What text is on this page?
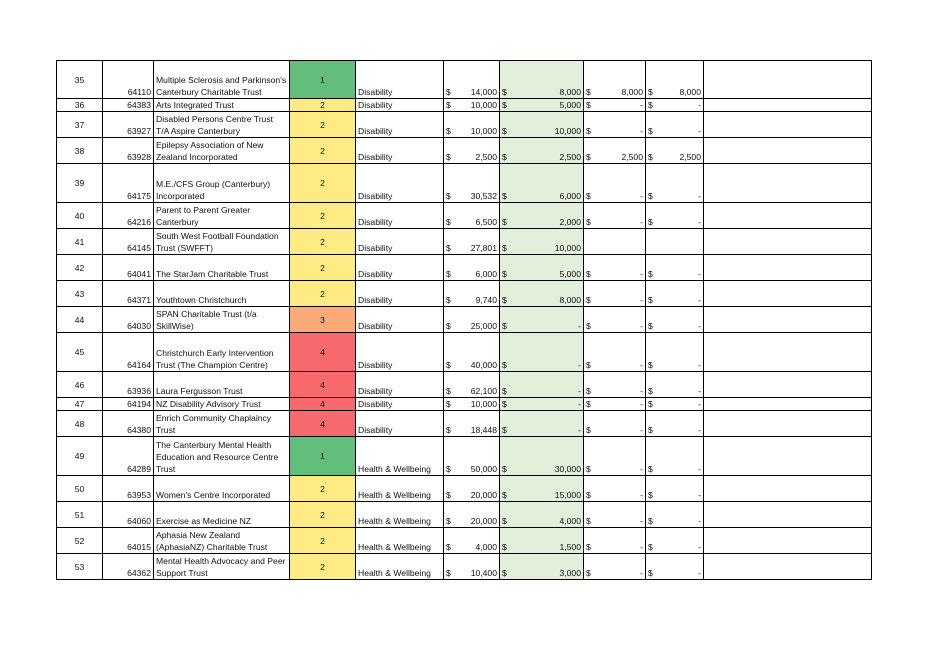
35	64110	Multiple Sclerosis and Parkinson's Canterbury Charitable Trust	1	Disability	$ 14,000	$ 8,000	$ 8,000	$ 8,000	

36	64383	Arts Integrated Trust	2	Disability	$ 10,000	$ 5,000	$ -	$ -	

37	63927	Disabled Persons Centre Trust T/A Aspire Canterbury	2	Disability	$ 10,000	$ 10,000	$ -	$ -	

38	63928	Epilepsy Association of New Zealand Incorporated	2	Disability	$ 2,500	$ 2,500	$ 2,500	$ 2,500	

39	64175	M.E./CFS Group (Canterbury) Incorporated	2	Disability	$ 30,532	$ 6,000	$ -	$ -	

40	64216	Parent to Parent Greater Canterbury	2	Disability	$ 6,500	$ 2,000	$ -	$ -	

41	64145	South West Football Foundation Trust (SWFFT)	2	Disability	$ 27,801	$ 10,000			

42	64041	The StarJam Charitable Trust	2	Disability	$ 6,000	$ 5,000	$ -	$ -	

43	64371	Youthtown Christchurch	2	Disability	$ 9,740	$ 8,000	$ -	$ -	

44	64030	SPAN Charitable Trust (t/a SkillWise)	3	Disability	$ 25,000	$ -	$ -	$ -	

45	64164	Christchurch Early Intervention Trust (The Champion Centre)	4	Disability	$ 40,000	$ -	$ -	$ -	

46	63936	Laura Fergusson Trust	4	Disability	$ 62,100	$ -	$ -	$ -	

47	64194	NZ Disability Advisory Trust	4	Disability	$ 10,000	$ -	$ -	$ -	

48	64380	Enrich Community Chaplaincy Trust	4	Disability	$ 18,448	$ -	$ -	$ -	

49	64289	The Canterbury Mental Health Education and Resource Centre Trust	1	Health & Wellbeing	$ 50,000	$ 30,000	$ -	$ -	

50	63953	Women's Centre Incorporated	2	Health & Wellbeing	$ 20,000	$ 15,000	$ -	$ -	

51	64060	Exercise as Medicine NZ	2	Health & Wellbeing	$ 20,000	$ 4,000	$ -	$ -	

52	64015	Aphasia New Zealand (AphasiaNZ) Charitable Trust	2	Health & Wellbeing	$ 4,000	$ 1,500	$ -	$ -	

53	64362	Mental Health Advocacy and Peer Support Trust	2	Health & Wellbeing	$ 10,400	$ 3,000	$ -	$ -	
